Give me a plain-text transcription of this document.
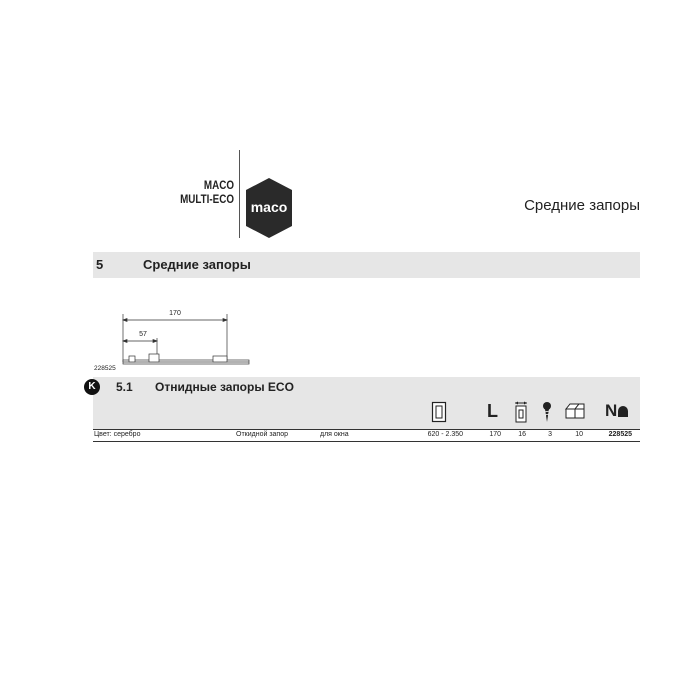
MACO
MULTI-ECO maco	Средние запоры
5	Средние запоры
170
57
228525
K	5.1 Отнидные запоры ECO
L	N
Цвет: серебро	Откидной запор	для окна	620 - 2.350	170	16	3	10	228525
